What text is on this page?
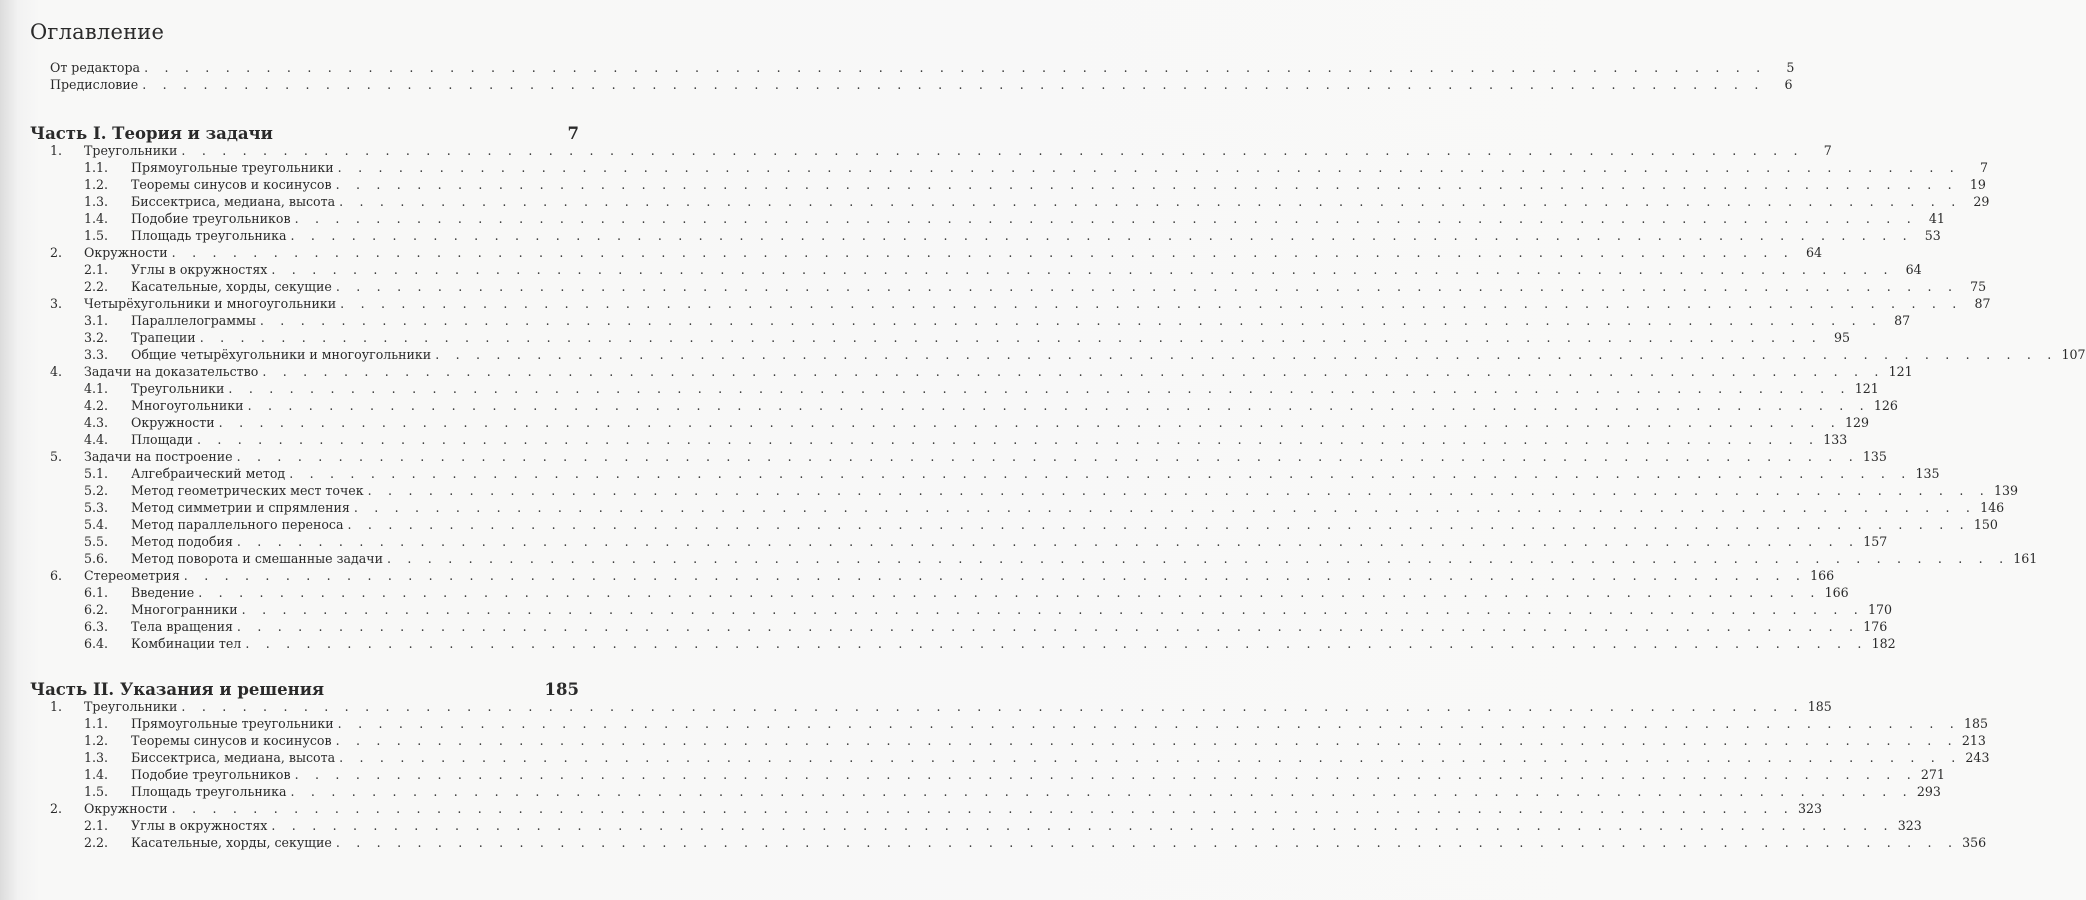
Оглавление
От редактора . . . . . . . . . . . . . . . . . . . . . . . . . . . . . . . . . . . . . . . . . . . . . . . . . . . . . . . . . . . . . . . . . . . . . . . . . . . . . . . .	5
Предисловие . . . . . . . . . . . . . . . . . . . . . . . . . . . . . . . . . . . . . . . . . . . . . . . . . . . . . . . . . . . . . . . . . . . . . . . . . . . . . . . .	6
Часть I. Теория и задачи	7
1. Треугольники . . . . . . . . . . . . . . . . . . . . . . . . . . . . . . . . . . . . . . . . . . . . . . . . . . . . . . . . . . . . . . . . . . . . . . . . . . . . . . . .	7
1.1. Прямоугольные треугольники . . . . . . . . . . . . . . . . . . . . . . . . . . . . . . . . . . . . . . . . . . . . . . . . . . . . . . . . . . . . . . . . . . . . . . . . . . . . . . . .	7
1.2. Теоремы синусов и косинусов . . . . . . . . . . . . . . . . . . . . . . . . . . . . . . . . . . . . . . . . . . . . . . . . . . . . . . . . . . . . . . . . . . . . . . . . . . . . . . . . 19
1.3. Биссектриса, медиана, высота . . . . . . . . . . . . . . . . . . . . . . . . . . . . . . . . . . . . . . . . . . . . . . . . . . . . . . . . . . . . . . . . . . . . . . . . . . . . . . . . 29
1.4. Подобие треугольников . . . . . . . . . . . . . . . . . . . . . . . . . . . . . . . . . . . . . . . . . . . . . . . . . . . . . . . . . . . . . . . . . . . . . . . . . . . . . . . . 41
1.5. Площадь треугольника . . . . . . . . . . . . . . . . . . . . . . . . . . . . . . . . . . . . . . . . . . . . . . . . . . . . . . . . . . . . . . . . . . . . . . . . . . . . . . . . 53
2. Окружности . . . . . . . . . . . . . . . . . . . . . . . . . . . . . . . . . . . . . . . . . . . . . . . . . . . . . . . . . . . . . . . . . . . . . . . . . . . . . . . . 64
2.1. Углы в окружностях . . . . . . . . . . . . . . . . . . . . . . . . . . . . . . . . . . . . . . . . . . . . . . . . . . . . . . . . . . . . . . . . . . . . . . . . . . . . . . . . 64
2.2. Касательные, хорды, секущие . . . . . . . . . . . . . . . . . . . . . . . . . . . . . . . . . . . . . . . . . . . . . . . . . . . . . . . . . . . . . . . . . . . . . . . . . . . . . . . . 75
3. Четырёхугольники и многоугольники . . . . . . . . . . . . . . . . . . . . . . . . . . . . . . . . . . . . . . . . . . . . . . . . . . . . . . . . . . . . . . . . . . . . . . . . . . . . . . . . 87
3.1. Параллелограммы . . . . . . . . . . . . . . . . . . . . . . . . . . . . . . . . . . . . . . . . . . . . . . . . . . . . . . . . . . . . . . . . . . . . . . . . . . . . . . . . 87
3.2. Трапеции . . . . . . . . . . . . . . . . . . . . . . . . . . . . . . . . . . . . . . . . . . . . . . . . . . . . . . . . . . . . . . . . . . . . . . . . . . . . . . . . 95
3.3. Общие четырёхугольники и многоугольники . . . . . . . . . . . . . . . . . . . . . . . . . . . . . . . . . . . . . . . . . . . . . . . . . . . . . . . . . . . . . . . . . . . . . . . . . . . . . . . . 107
4. Задачи на доказательство . . . . . . . . . . . . . . . . . . . . . . . . . . . . . . . . . . . . . . . . . . . . . . . . . . . . . . . . . . . . . . . . . . . . . . . . . . . . . . . . 121
4.1. Треугольники . . . . . . . . . . . . . . . . . . . . . . . . . . . . . . . . . . . . . . . . . . . . . . . . . . . . . . . . . . . . . . . . . . . . . . . . . . . . . . . . 121
4.2. Многоугольники . . . . . . . . . . . . . . . . . . . . . . . . . . . . . . . . . . . . . . . . . . . . . . . . . . . . . . . . . . . . . . . . . . . . . . . . . . . . . . . . 126
4.3. Окружности . . . . . . . . . . . . . . . . . . . . . . . . . . . . . . . . . . . . . . . . . . . . . . . . . . . . . . . . . . . . . . . . . . . . . . . . . . . . . . . . 129
4.4. Площади . . . . . . . . . . . . . . . . . . . . . . . . . . . . . . . . . . . . . . . . . . . . . . . . . . . . . . . . . . . . . . . . . . . . . . . . . . . . . . . . 133
5. Задачи на построение . . . . . . . . . . . . . . . . . . . . . . . . . . . . . . . . . . . . . . . . . . . . . . . . . . . . . . . . . . . . . . . . . . . . . . . . . . . . . . . . 135
5.1. Алгебраический метод . . . . . . . . . . . . . . . . . . . . . . . . . . . . . . . . . . . . . . . . . . . . . . . . . . . . . . . . . . . . . . . . . . . . . . . . . . . . . . . . 135
5.2. Метод геометрических мест точек . . . . . . . . . . . . . . . . . . . . . . . . . . . . . . . . . . . . . . . . . . . . . . . . . . . . . . . . . . . . . . . . . . . . . . . . . . . . . . . . 139
5.3. Метод симметрии и спрямления . . . . . . . . . . . . . . . . . . . . . . . . . . . . . . . . . . . . . . . . . . . . . . . . . . . . . . . . . . . . . . . . . . . . . . . . . . . . . . . . 146
5.4. Метод параллельного переноса . . . . . . . . . . . . . . . . . . . . . . . . . . . . . . . . . . . . . . . . . . . . . . . . . . . . . . . . . . . . . . . . . . . . . . . . . . . . . . . . 150
5.5. Метод подобия . . . . . . . . . . . . . . . . . . . . . . . . . . . . . . . . . . . . . . . . . . . . . . . . . . . . . . . . . . . . . . . . . . . . . . . . . . . . . . . . 157
5.6. Метод поворота и смешанные задачи . . . . . . . . . . . . . . . . . . . . . . . . . . . . . . . . . . . . . . . . . . . . . . . . . . . . . . . . . . . . . . . . . . . . . . . . . . . . . . . . 161
6. Стереометрия . . . . . . . . . . . . . . . . . . . . . . . . . . . . . . . . . . . . . . . . . . . . . . . . . . . . . . . . . . . . . . . . . . . . . . . . . . . . . . . . 166
6.1. Введение . . . . . . . . . . . . . . . . . . . . . . . . . . . . . . . . . . . . . . . . . . . . . . . . . . . . . . . . . . . . . . . . . . . . . . . . . . . . . . . . 166
6.2. Многогранники . . . . . . . . . . . . . . . . . . . . . . . . . . . . . . . . . . . . . . . . . . . . . . . . . . . . . . . . . . . . . . . . . . . . . . . . . . . . . . . . 170
6.3. Тела вращения . . . . . . . . . . . . . . . . . . . . . . . . . . . . . . . . . . . . . . . . . . . . . . . . . . . . . . . . . . . . . . . . . . . . . . . . . . . . . . . . 176
6.4. Комбинации тел . . . . . . . . . . . . . . . . . . . . . . . . . . . . . . . . . . . . . . . . . . . . . . . . . . . . . . . . . . . . . . . . . . . . . . . . . . . . . . . . 182
Часть II. Указания и решения	185
1. Треугольники . . . . . . . . . . . . . . . . . . . . . . . . . . . . . . . . . . . . . . . . . . . . . . . . . . . . . . . . . . . . . . . . . . . . . . . . . . . . . . . . 185
1.1. Прямоугольные треугольники . . . . . . . . . . . . . . . . . . . . . . . . . . . . . . . . . . . . . . . . . . . . . . . . . . . . . . . . . . . . . . . . . . . . . . . . . . . . . . . . 185
1.2. Теоремы синусов и косинусов . . . . . . . . . . . . . . . . . . . . . . . . . . . . . . . . . . . . . . . . . . . . . . . . . . . . . . . . . . . . . . . . . . . . . . . . . . . . . . . . 213
1.3. Биссектриса, медиана, высота . . . . . . . . . . . . . . . . . . . . . . . . . . . . . . . . . . . . . . . . . . . . . . . . . . . . . . . . . . . . . . . . . . . . . . . . . . . . . . . . 243
1.4. Подобие треугольников . . . . . . . . . . . . . . . . . . . . . . . . . . . . . . . . . . . . . . . . . . . . . . . . . . . . . . . . . . . . . . . . . . . . . . . . . . . . . . . . 271
1.5. Площадь треугольника . . . . . . . . . . . . . . . . . . . . . . . . . . . . . . . . . . . . . . . . . . . . . . . . . . . . . . . . . . . . . . . . . . . . . . . . . . . . . . . . 293
2. Окружности . . . . . . . . . . . . . . . . . . . . . . . . . . . . . . . . . . . . . . . . . . . . . . . . . . . . . . . . . . . . . . . . . . . . . . . . . . . . . . . . 323
2.1. Углы в окружностях . . . . . . . . . . . . . . . . . . . . . . . . . . . . . . . . . . . . . . . . . . . . . . . . . . . . . . . . . . . . . . . . . . . . . . . . . . . . . . . . 323
2.2. Касательные, хорды, секущие . . . . . . . . . . . . . . . . . . . . . . . . . . . . . . . . . . . . . . . . . . . . . . . . . . . . . . . . . . . . . . . . . . . . . . . . . . . . . . . . 356
